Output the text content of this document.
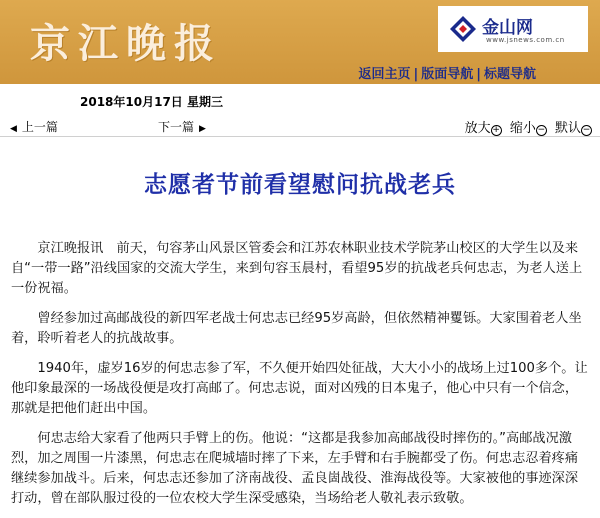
京江晚报	金山网
www.jsnews.com.cn
返回主页 | 版面导航 | 标题导航
2018年10月17日 星期三
◀ 上一篇	下一篇 ▶	放大 + 缩小 − 默认 −
志愿者节前看望慰问抗战老兵

京江晚报讯　前天，句容茅山风景区管委会和江苏农林职业技术学院茅山校区的大学生以及来自“一带一路”沿线国家的交流大学生，来到句容玉晨村，看望95岁的抗战老兵何忠志，为老人送上一份祝福。

曾经参加过高邮战役的新四军老战士何忠志已经95岁高龄，但依然精神矍铄。大家围着老人坐着，聆听着老人的抗战故事。

1940年，虚岁16岁的何忠志参了军，不久便开始四处征战，大大小小的战场上过100多个。让他印象最深的一场战役便是攻打高邮了。何忠志说，面对凶残的日本鬼子，他心中只有一个信念，那就是把他们赶出中国。

何忠志给大家看了他两只手臂上的伤。他说：“这都是我参加高邮战役时摔伤的。”高邮战况激烈，加之周围一片漆黑，何忠志在爬城墙时摔了下来，左手臂和右手腕都受了伤。何忠志忍着疼痛继续参加战斗。后来，何忠志还参加了济南战役、孟良崮战役、淮海战役等。大家被他的事迹深深打动，曾在部队服过役的一位农校大学生深受感染，当场给老人敬礼表示致敬。
